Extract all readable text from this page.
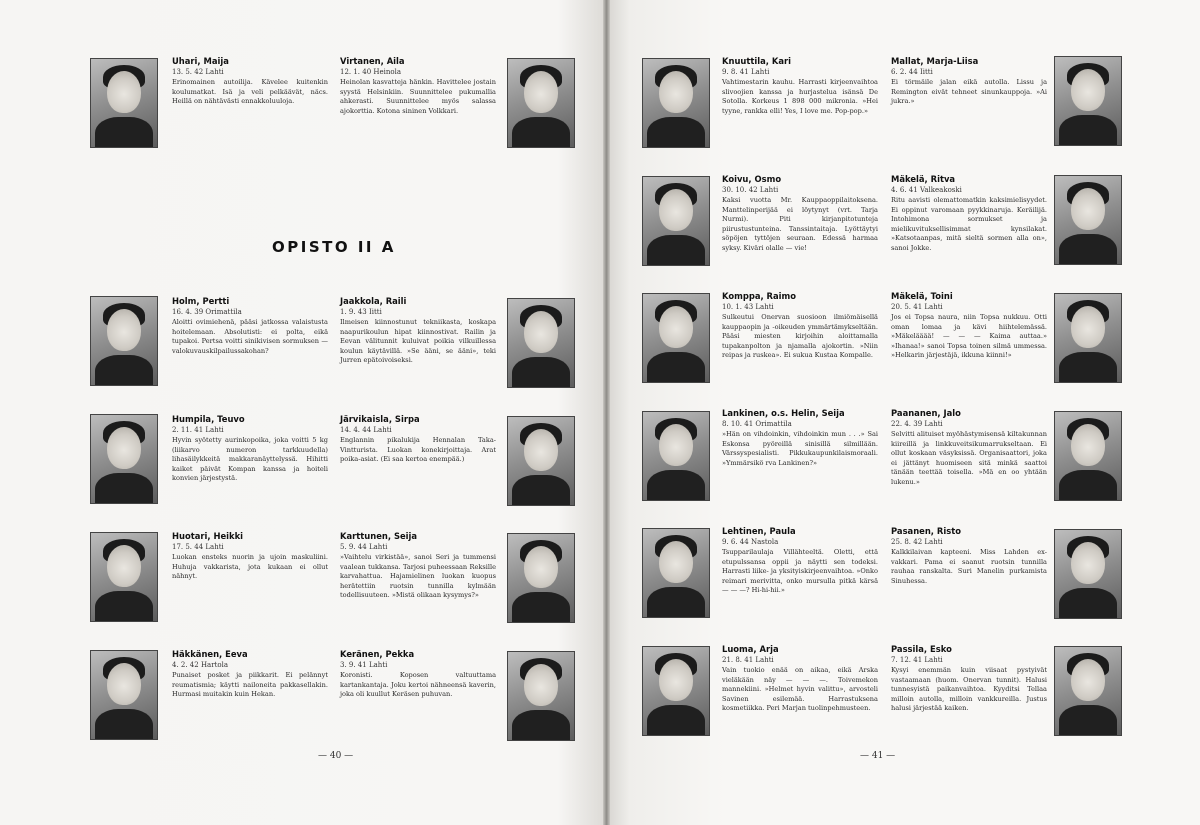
Uhari, Maija
13. 5. 42 Lahti
Erinomainen autoilija. Kävelee kuitenkin koulumatkat. Isä ja veli pelkäävät, näcs. Heillä on nähtävästi ennakkoluuloja.
Virtanen, Aila
12. 1. 40 Heinola
Heinolan kasvatteja hänkin. Havittelee jostain syystä Helsinkiin. Suunnittelee pukumallia ahkerasti. Suunnittelee myös salassa ajokorttia. Kotona sininen Volkkari.
OPISTO II A
Holm, Pertti
16. 4. 39 Orimattila
Aloitti ovimiehenä, pääsi jatkossa valaistusta hoitelemaan. Absolutisti: ei polta, eikä tupakoi. Pertsa voitti sinikivisen sormuksen — valokuvauskilpailussakohan?
Jaakkola, Raili
1. 9. 43 Iitti
Ilmeisen kiinnostunut tekniikasta, koskapa naapurikoulun hipat kiinnostivat. Railin ja Eevan välitunnit kuluivat poikia vilkuillessa koulun käytävillä. »Se ääni, se ääni», teki Jurren epätoivoiseksi.
Humpila, Teuvo
2. 11. 41 Lahti
Hyvin syötetty aurinkopoika, joka voitti 5 kg (liikarvo numeron tarkkuudella) lihasäilykkeitä makkaranäyttelyssä. Hihitti kaiket päivät Kompan kanssa ja hoiteli konvien järjestystä.
Järvikaisla, Sirpa
14. 4. 44 Lahti
Englannin pikalukija Hennalan Taka-Vintturista. Luokan konekirjoittaja. Arat poika-asiat. (Ei saa kertoa enempää.)
Huotari, Heikki
17. 5. 44 Lahti
Luokan ensteks nuorin ja ujoin maskuliini. Huhuja vakkarista, jota kukaan ei ollut nähnyt.
Karttunen, Seija
5. 9. 44 Lahti
»Vaihtelu virkistää», sanoi Seri ja tummensi vaalean tukkansa. Tarjosi puheessaan Reksille karvahattua. Hajamielinen luokan kuopus herätettiin ruotsin tunnilla kylmään todellisuuteen. »Mistä olikaan kysymys?»
Häkkänen, Eeva
4. 2. 42 Hartola
Punaiset posket ja piikkarit. Ei pelännyt reumatismia; käytti nailoneita pakkasellakin. Hurmasi muitakin kuin Hekan.
Keränen, Pekka
3. 9. 41 Lahti
Koronisti. Koposen valtuuttama kartankantaja. Joku kertoi nähneensä kaverin, joka oli kuullut Keräsen puhuvan.
— 40 —
Knuuttila, Kari
9. 8. 41 Lahti
Vahtimestarin kauhu. Harrasti kirjeenvaihtoa slivoojien kanssa ja hurjastelua isänsä De Sotolla. Korkeus 1 898 000 mikronia. »Hei tyyne, rankka elli! Yes, I love me. Pop-pop.»
Mallat, Marja-Liisa
6. 2. 44 Iitti
Ei törmäile jalan eikä autolla. Lissu ja Remington eivät tehneet sinunkauppoja. »Ai jukra.»
Koivu, Osmo
30. 10. 42 Lahti
Kaksi vuotta Mr. Kauppaoppilaitoksena. Manttelinperijää ei löytynyt (vrt. Tarja Nurmi). Piti kirjanpitotunteja piirustustunteina. Tanssintaitaja. Lyöttäytyi söpöjen tyttöjen seuraan. Edessä harmaa syksy. Kiväri olalle — vie!
Mäkelä, Ritva
4. 6. 41 Valkeakoski
Ritu aavisti olemattomatkin kaksimielisyydet. Ei oppinut varomaan pyykkinaruja. Keräilijä. Intohimona sormukset ja mielikuvituksellisimmat kynsilakat. »Katsotaanpas, mitä sieltä sormen alla on», sanoi Jokke.
Komppa, Raimo
10. 1. 43 Lahti
Sulkeutui Onervan suosioon ilmiömäisellä kauppaopin ja -oikeuden ymmärtämykseltään. Pääsi miesten kirjoihin aloittamalla tupakanpolton ja njamalla ajokortin. »Niin reipas ja ruskea». Ei sukua Kustaa Kompalle.
Mäkelä, Toini
20. 5. 41 Lahti
Jos ei Topsa naura, niin Topsa nukkuu. Otti oman lomaa ja kävi hiihtelemässä. »Mäkelääää! — — — Kaima auttaa.» »Ihanaa!» sanoi Topsa toinen silmä ummessa. »Helkarin järjestäjä, ikkuna kiinni!»
Lankinen, o.s. Helin, Seija
8. 10. 41 Orimattila
»Hän on vihdoinkin, vihdoinkin mun . . .» Sai Eskonsa pyöreillä sinisillä silmillään. Värssyspesialisti. Pikkukaupunkilaismoraali. »Ymmärsikö rva Lankinen?»
Paananen, Jalo
22. 4. 39 Lahti
Selvitti alituiset myöhästymisensä kiltakunnan kiireillä ja linkkuveitsikumarrukseltaan. Ei ollut koskaan väsyksissä. Organisaattori, joka ei jättänyt huomiseen sitä minkä saattoi tänään teettää toisella. »Mä en oo yhtään lukenu.»
Lehtinen, Paula
9. 6. 44 Nastola
Tsupparilaulaja Villähteeltä. Oletti, että etupulssansa oppii ja näytti sen todeksi. Harrasti liike- ja yksityiskirjeenvaihtoa. »Onko reimari merivitta, onko mursulla pitkä kärsä — — —? Hi-hi-hii.»
Pasanen, Risto
25. 8. 42 Lahti
Kalkkilaivan kapteeni. Miss Lahden ex-vakkari. Pama ei saanut ruotsin tunnilla rauhaa ranskalta. Suri Manelin purkamista Sinuhessa.
Luoma, Arja
21. 8. 41 Lahti
Vain tuokio enää on aikaa, eikä Arska vieläkään näy — — —. Toivemekon mannekiini. »Helmet hyvin valittu», arvosteli Savinen esilemää. Harrastuksena kosmetiikka. Peri Marjan tuolinpehmusteen.
Passila, Esko
7. 12. 41 Lahti
Kysyi enemmän kuin viisaat pystyivät vastaamaan (huom. Onervan tunnit). Halusi tunnesyistä paikanvaihtoa. Kyyditsi Tellaa milloin autolla, milloin vankkureilla. Justus halusi järjestää kaiken.
— 41 —
